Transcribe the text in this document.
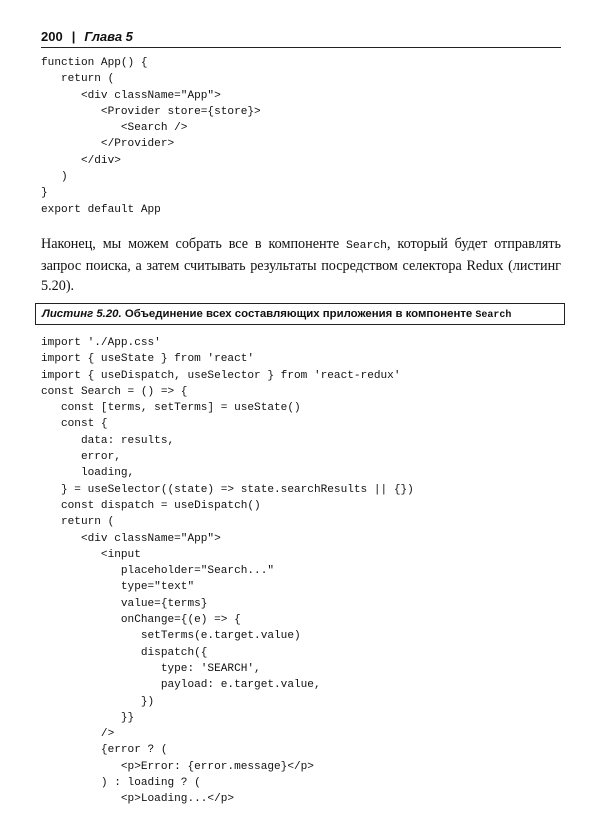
200 | Глава 5
function App() {
return (
<div className="App">
<Provider store={store}>
<Search />
</Provider>
</div>
)
}
export default App

Наконец, мы можем собрать все в компоненте Search, который будет отправлять запрос поиска, а затем считывать результаты посредством селектора Redux (листинг 5.20).

Листинг 5.20. Объединение всех составляющих приложения в компоненте Search
import './App.css'
import { useState } from 'react'
import { useDispatch, useSelector } from 'react-redux'
const Search = () => {
const [terms, setTerms] = useState()
const {
data: results,
error,
loading,
} = useSelector((state) => state.searchResults || {})
const dispatch = useDispatch()
return (
<div className="App">
<input
placeholder="Search..."
type="text"
value={terms}
onChange={(e) => {
setTerms(e.target.value)
dispatch({
type: 'SEARCH',
payload: e.target.value,
})
}}
/>
{error ? (
<p>Error: {error.message}</p>
) : loading ? (
<p>Loading...</p>
